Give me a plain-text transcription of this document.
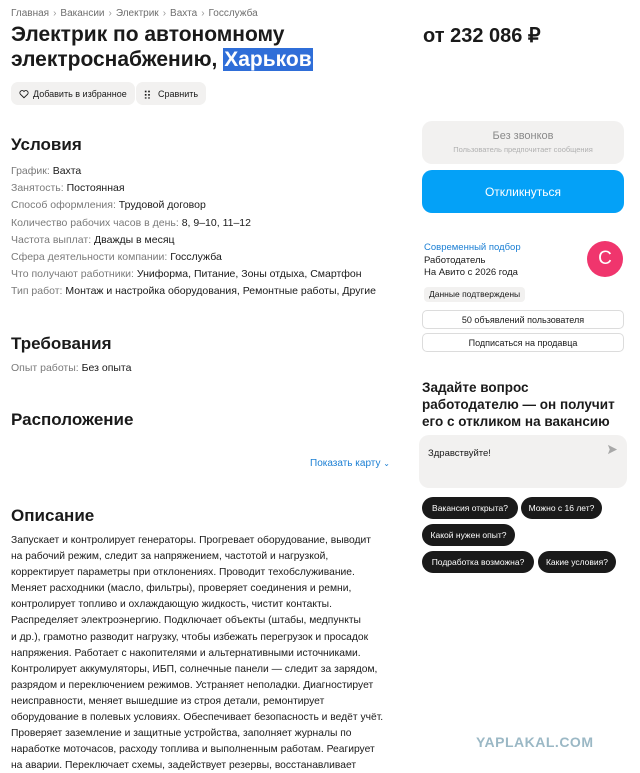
Главная › Вакансии › Электрик › Вахта › Госслужба
Электрик по автономному электроснабжению, Харьков
от 232 086 ₽
Добавить в избранное	Сравнить
Условия
График: Вахта
Занятость: Постоянная
Способ оформления: Трудовой договор
Количество рабочих часов в день: 8, 9–10, 11–12
Частота выплат: Дважды в месяц
Сфера деятельности компании: Госслужба
Что получают работники: Униформа, Питание, Зоны отдыха, Смартфон
Тип работ: Монтаж и настройка оборудования, Ремонтные работы, Другие
Требования
Опыт работы: Без опыта
Расположение
Показать карту ⌄
Описание
Запускает и контролирует генераторы. Прогревает оборудование, выводит
на рабочий режим, следит за напряжением, частотой и нагрузкой,
корректирует параметры при отклонениях. Проводит техобслуживание.
Меняет расходники (масло, фильтры), проверяет соединения и ремни,
контролирует топливо и охлаждающую жидкость, чистит контакты.
Распределяет электроэнергию. Подключает объекты (штабы, медпункты
и др.), грамотно разводит нагрузку, чтобы избежать перегрузок и просадок
напряжения. Работает с накопителями и альтернативными источниками.
Контролирует аккумуляторы, ИБП, солнечные панели — следит за зарядом,
разрядом и переключением режимов. Устраняет неполадки. Диагностирует
неисправности, меняет вышедшие из строя детали, ремонтирует
оборудование в полевых условиях. Обеспечивает безопасность и ведёт учёт.
Проверяет заземление и защитные устройства, заполняет журналы по
наработке моточасов, расходу топлива и выполненным работам. Реагирует
на аварии. Переключает схемы, задействует резервы, восстанавливает
Без звонков
Пользователь предпочитает сообщения
Откликнуться
Современный подбор
Работодатель
На Авито с 2026 года
С
Данные подтверждены
50 объявлений пользователя
Подписаться на продавца
Задайте вопрос работодателю — он получит его с откликом на вакансию
Здравствуйте!
Вакансия открыта?	Можно с 16 лет?
Какой нужен опыт?
Подработка возможна?	Какие условия?
YAPLAKAL.COM
